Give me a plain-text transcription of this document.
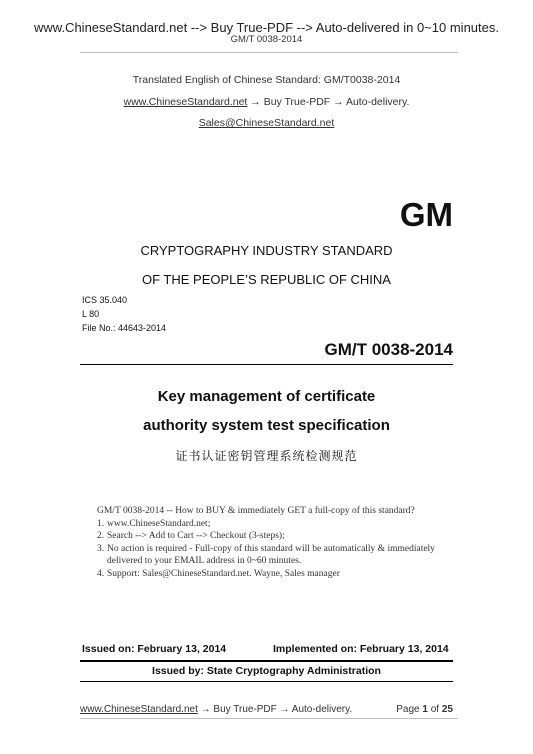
www.ChineseStandard.net --> Buy True-PDF --> Auto-delivered in 0~10 minutes.
GM/T 0038-2014
Translated English of Chinese Standard: GM/T0038-2014
www.ChineseStandard.net → Buy True-PDF → Auto-delivery.
Sales@ChineseStandard.net
GM
CRYPTOGRAPHY INDUSTRY STANDARD
OF THE PEOPLE’S REPUBLIC OF CHINA
ICS 35.040
L 80
File No.: 44643-2014
GM/T 0038-2014
Key management of certificate
authority system test specification
证书认证密钥管理系统检测规范
GM/T 0038-2014 -- How to BUY & immediately GET a full-copy of this standard?
1. www.ChineseStandard.net;
2. Search --> Add to Cart --> Checkout (3-steps);
3. No action is required - Full-copy of this standard will be automatically & immediately delivered to your EMAIL address in 0~60 minutes.
4. Support: Sales@ChineseStandard.net. Wayne, Sales manager
Issued on: February 13, 2014	Implemented on: February 13, 2014
Issued by: State Cryptography Administration
www.ChineseStandard.net → Buy True-PDF → Auto-delivery.	Page 1 of 25
